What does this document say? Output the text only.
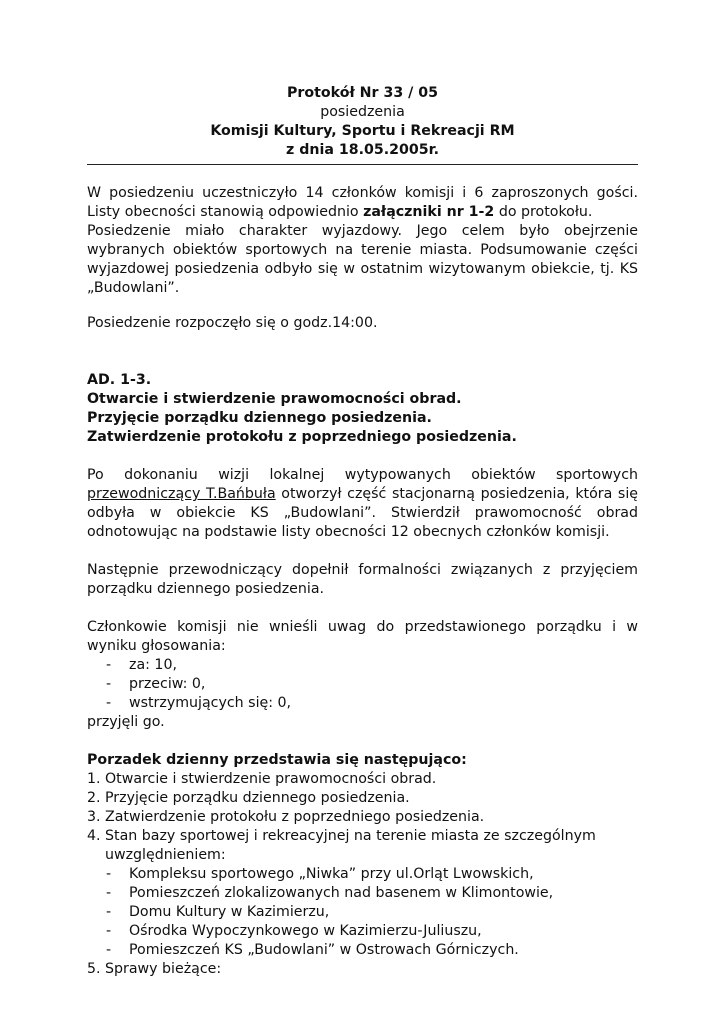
Protokół Nr 33 / 05
posiedzenia
Komisji Kultury, Sportu i Rekreacji RM
z dnia 18.05.2005r.

W posiedzeniu uczestniczyło 14 członków komisji i 6 zaproszonych gości. Listy obecności stanowią odpowiednio załączniki nr 1-2 do protokołu.

Posiedzenie miało charakter wyjazdowy. Jego celem było obejrzenie wybranych obiektów sportowych na terenie miasta. Podsumowanie części wyjazdowej posiedzenia odbyło się w ostatnim wizytowanym obiekcie, tj. KS „Budowlani”.

Posiedzenie rozpoczęło się o godz.14:00.

AD. 1-3.

Otwarcie i stwierdzenie prawomocności obrad.

Przyjęcie porządku dziennego posiedzenia.

Zatwierdzenie protokołu z poprzedniego posiedzenia.

Po dokonaniu wizji lokalnej wytypowanych obiektów sportowych przewodniczący T.Bańbuła otworzył część stacjonarną posiedzenia, która się odbyła w obiekcie KS „Budowlani”. Stwierdził prawomocność obrad odnotowując na podstawie listy obecności 12 obecnych członków komisji.

Następnie przewodniczący dopełnił formalności związanych z przyjęciem porządku dziennego posiedzenia.

Członkowie komisji nie wnieśli uwag do przedstawionego porządku i w wyniku głosowania:

- za: 10,
- przeciw: 0,
- wstrzymujących się: 0,

przyjęli go.

Porzadek dzienny przedstawia się następująco:

1. Otwarcie i stwierdzenie prawomocności obrad.
2. Przyjęcie porządku dziennego posiedzenia.
3. Zatwierdzenie protokołu z poprzedniego posiedzenia.
4. Stan bazy sportowej i rekreacyjnej na terenie miasta ze szczególnym uwzględnieniem:
- Kompleksu sportowego „Niwka” przy ul.Orląt Lwowskich,
- Pomieszczeń zlokalizowanych nad basenem w Klimontowie,
- Domu Kultury w Kazimierzu,
- Ośrodka Wypoczynkowego w Kazimierzu-Juliuszu,
- Pomieszczeń KS „Budowlani” w Ostrowach Górniczych.
5. Sprawy bieżące:
